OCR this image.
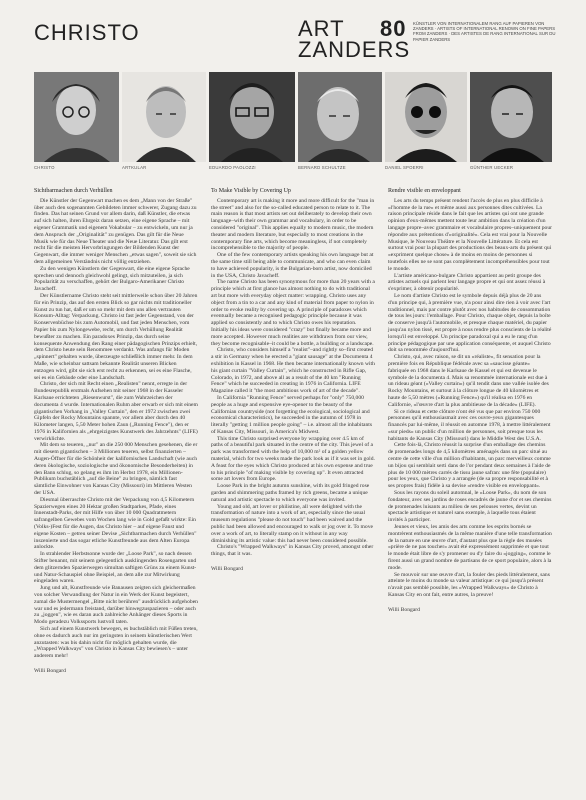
CHRISTO	ART
ZANDERS
80 KÜNSTLER VON INTERNATIONALEM RANG AUF PAPIEREN VON ZANDERS · ARTISTS OF INTERNATIONAL RENOWN ON FINE PAPERS FROM ZANDERS · DES ARTISTES DE RANG INTERNATIONAL SUR DU PAPIER ZANDERS
CHRISTO	ARTKULAR	EDUARDO PAOLOZZI	BERNARD SCHULTZE	DANIEL SPOERRI	GÜNTHER UECKER
Sichtbarmachen durch Verhüllen

Die Künstler der Gegenwart machen es dem „Mann von der Straße" über auch den sogenannten Gebildeten immer schwerer, Zugang dazu zu finden. Das hat seinen Grund vor allem darin, daß Künstler, die etwas auf sich halten, ihren Ehrgeiz daran setzen, eine eigene Sprache – mit eigener Grammatik und eigenem Vokabular – zu entwickeln, um nur ja dem Anspruch der „Originalität" zu genügen. Das gilt für die Neue Musik wie für das Neue Theater und die Neue Literatur. Das gilt erst recht für die meisten Hervorbringungen der Bildenden Kunst der Gegenwart, die immer weniger Menschen „etwas sagen", soweit sie sich dem allgemeinen Verständnis nicht völlig entziehen.

Zu den wenigen Künstlern der Gegenwart, die eine eigene Sprache sprechen und dennoch gleichwohl gelingt, sich mitzuteilen, ja sich Popularität zu verschaffen, gehört der Bulgaro-Amerikaner Christo Javacheff.

Der Künstlername Christo steht seit mittlerweile schon über 20 Jahren für ein Prinzip, das auf den ersten Blick so gar nichts mit traditioneller Kunst zu tun hat, daß er um so mehr mit dem uns allen vertrauten Konsum-Alltag: Verpackung. Christo ist fast jeder Gegenstand, von der Konservenbüchse bis zum Automobil, und fast jeden Menschen, vom Papier bis zum Nylongewebe, recht, um durch Verhüllung Realität bewußter zu machen. Ein paradoxes Prinzip, das durch seine konsequente Anwendung den Rang einer pädagogischen Prinzips erhielt, dem Christo heute sein Renommee verdankt. Was anfangs für Moden „spinnert" gehalten wurde, überzeugte schließlich immer mehr. In dem Maße, wie scheinbar sattsam bekannte Realität unseren Blicken entzogen wird, gibt sie sich erst recht zu erkennen, sei es eine Flasche, sei es ein Gebäude oder eine Landschaft.

Christo, der sich mit Recht einen „Realisten" nennt, erregte in der Bundesrepublik erstmals Aufsehen mit seiner 1968 in der Kasseler Karlsaue errichteten „Riesenwurst", die zum Wahrzeichen der documenta 4 wurde. Internationalen Ruhm aber erwarb er sich mit einem gigantischen Vorhang in „Valley Curtain", den er 1972 zwischen zwei Gipfeln der Rocky Mountains spannte, vor allem aber durch den 40 Kilometer langen, 5,50 Meter hohen Zaun („Running Fence"), den er 1976 in Kalifornien als „ehrgeizigstes Kunstwerk des Jahrzehnts" (LIFE) verwirklichte.

Mit dem so teueren, „nur" an die 250 000 Menschen gesehenen, die er mit diesem gigantischen – 3 Millionen teueren, selbst finanzierten – Augen-Öffner für die Schönheit der kalifornischen Landschaft (wie auch deren ökologische, soziologische und ökonomische Besonderheiten) in den Bann schlug, so gelang es ihm im Herbst 1978, ein Millionen-Publikum buchstäblich „auf die Beine" zu bringen, nämlich fast sämtliche Einwohner von Kansas City (Missouri) im Mittleren Westen der USA.

Diesmal überraschte Christo mit der Verpackung von 4,5 Kilometern Spazierwegen eines 20 Hektar großen Stadtparkes, Pfade, eines Innenstadt-Parks, der mit Hilfe von über 10 000 Quadratmetern safrangelben Gewebes vom Wochen lang wie in Gold gefaßt wirkte: Ein (Volks-)Fest für die Augen, das Christo hier – auf eigene Faust und eigene Kosten – getreu seiner Devise „Sichtbarmachen durch Verhüllen" inszenierte und das sogar etliche Kunstfreunde aus dem Alten Europa anlockte.

In strahlender Herbstsonne wurde der „Loose Park", so nach dessen Stifter benannt, mit seinem gelegentlich ausklingenden Rosengarten und dem glitzernden Spazierwegen simultan saftigen Grüns zu einem Kunst- und Natur-Schauspiel ohne Beispiel, an dem alle zur Mitwirkung eingeladen waren.

Jung und alt, Kunstfreunde wie Banausen zeigten sich gleichermaßen von solcher Verwandlung der Natur in ein Werk der Kunst begeistert, zumal die Mustermengel „Bitte nicht berühren" ausdrücklich aufgehoben war und es jedermann freistand, darüber hinwegzuspazieren – oder auch zu „joggen", wie es daran auch zahlreiche Anhänger dieses Sports in Modo geradezu Volkssports lustvoll taten.

Sich auf einem Kunstwerk bewegen, es buchstäblich mit Füßen treten, ohne es dadurch auch nur im geringsten in seinem künstlerischen Wert anzutasten: was bis dahin nicht für möglich gehalten wurde, die „Wrapped Walkways" von Christo in Kansas City bewiesen's – unter anderem mehr!

Willi Bongard

To Make Visible by Covering Up

Contemporary art is making it more and more difficult for the "man in the street" and also for the so-called educated person to relate to it. The main reason is that most artists set out deliberately to develop their own language–with their own grammar and vocabulary, in order to be considered "original". This applies equally to modern music, the modern theater and modern literature, but especially to most creations in the contemporary fine arts, which become meaningless, if not completely incomprehensible to the majority of people.

One of the few contemporary artists speaking his own language but at the same time still being able to communicate, and who can even claim to have achieved popularity, is the Bulgarian-born artist, now domiciled in the USA, Christo Javacheff.

The name Christo has been synonymous for more than 20 years with a principle which at first glance has almost nothing to do with traditional art but more with everyday object matter: wrapping. Christo uses any object from a tin to a car and any kind of material from paper to nylon in order to evoke reality by covering up. A principle of paradoxes which eventually became a recognised pedagogic principle because it was applied so consistently and to which Christo owes his reputation. Initially his ideas were considered "crazy" but finally became more and more accepted. However much realities are withdrawn from our view, they become recognisable–it could be a bottle, a building or a landscape.

Christo, who considers himself a "realist"–and rightly so–first created a stir in Germany when he erected a "giant sausage" at the Documenta 4 exhibition in Kassel in 1968. He then became internationally known with his giant curtain "Valley Curtain", which he constructed in Rifle Gap, Colorado, in 1972, and above all as a result of the 40 km "Running Fence" which he succeeded in creating in 1976 in California. LIFE Magazine called it "the most ambitious work of art of the decade".

In California "Running Fence" served perhaps for "only" 750,000 people as a huge and expensive eye-opener to the beauty of the Californian countryside (not forgetting the ecological, sociological and economical characteristics), he succeeded in the autumn of 1978 in literally "getting 1 million people going" – i.e. almost all the inhabitants of Kansas City, Missouri, in America's Midwest.

This time Christo surprised everyone by wrapping over 4.5 km of paths of a beautiful park situated in the centre of the city. This jewel of a park was transformed with the help of 10,000 m² of a golden yellow material, which for two weeks made the park look as if it was set in gold. A feast for the eyes which Christo produced at his own expense and true to his principle "of making visible by covering up". It even attracted some art lovers from Europe.

Loose Park in the bright autumn sunshine, with its gold fringed rose garden and shimmering paths framed by rich greens, became a unique natural and artistic spectacle to which everyone was invited.

Young and old, art lover or philistine, all were delighted with the transformation of nature into a work of art, especially since the usual museum regulations "please do not touch" had been waived and the public had been allowed and encouraged to walk or jog over it. To move over a work of art, to literally stamp on it without in any way diminishing its artistic value: this had never been considered possible.

Christo's "Wrapped Walkways" in Kansas City proved, amongst other things, that it was.

Willi Bongard

Rendre visible en enveloppant

Les arts du temps présent rendent l'accès de plus en plus difficile à «l'homme de la rue» et même aussi aux personnes dites cultivées. La raison principale réside dans le fait que les artistes qui ont une grande opinion d'eux-mêmes mettent toute leur ambition dans la création d'un langage propre–avec grammaire et vocabulaire propres–uniquement pour répondre aux prétentions d'«originalité». Cela est vrai pour la Nouvelle Musique, le Nouveau Théâtre et la Nouvelle Littérature. Et cela est surtout vrai pour la plupart des productions des beaux-arts du présent qui «expriment quelque chose» à de moins en moins de personnes si toutefois elles ne se sont pas complètement incompréhensibles pour tout le monde.

L'artiste américano-bulgare Christo appartient au petit groupe des artistes actuels qui parlent leur langage propre et qui ont assez réussi à s'exprimer, à obtenir popularité.

Le nom d'artiste Christo est le symbole depuis déjà plus de 20 ans d'un principe qui, à première vue, n'a pour ainsi dire rien à voir avec l'art traditionnel, mais par contre plutôt avec nos habitudes de consommation de tous les jours: l'emballage. Pour Christo, chaque objet, depuis la boîte de conserve jusqu'à l'automobile, et presque chaque matériel, du papier jusqu'au nylon tissé, est propre à nous rendre plus conscients de la réalité lorsqu'il est enveloppé. Un principe paradoxal qui a eu le rang d'un principe pédagogique par une application conséquente, et auquel Christo doit sa renommée d'aujourd'hui.

Christo, qui, avec raison, se dit un «réaliste», fit sensation pour la première fois en République fédérale avec sa «saucisse géante» fabriquée en 1968 dans le Karlsaue de Kassel et qui est devenue le symbole de la documenta 4. Mais sa renommée internationale est due à un rideau géant («Valley curtain») qu'il tendit dans une vallée isolée des Rocky Mountains, et surtout à la clôture longue de 40 kilomètres et haute de 5,50 mètres («Running Fence») qu'il réalisa en 1976 en Californie, «l'œuvre d'art la plus ambitieuse de la décade» (LIFE).

Si ce rideau et cette clôture n'ont été vus que par environ 750 000 personnes qu'il enthousiasmait avec ces ouvre-yeux gigantesques financés par lui-même, il réussit en automne 1978, à mettre littéralement «sur pieds» un public d'un million de personnes, soit presque tous les habitants de Kansas City (Missouri) dans le Middle West des U.S.A.

Cette fois-là, Christo réussit la surprise d'un emballage des chemins de promenades longs de 4,5 kilomètres aménagés dans un parc situé au centre de cette ville d'un million d'habitants, un parc merveilleux comme un bijou qui semblait serti dans de l'or pendant deux semaines à l'aide de plus de 10 000 mètres carrés de tissu jaune safran: une fête (populaire) pour les yeux, que Christo y a arrangée (de sa propre responsabilité et à ses propres frais) fidèle à sa devise «rendre visible en enveloppant».

Sous les rayons du soleil automnal, le «Loose Park», du nom de son fondateur, avec ses jardins de roses encadrés de jaune d'or et ses chemins de promenades luisants au milieu de ses pelouses vertes, devint un spectacle artistique et naturel sans exemple, à laquelle tous étaient invités à participer.

Jeunes et vieux, les amis des arts comme les esprits bornés se montrèrent enthousiasmés de la même manière d'une telle transformation de la nature en une œuvre d'art, d'autant plus que la règle des musées «prière de ne pas toucher» avait été expressément supprimée et que tout le monde était libre de s'y promener ou d'y faire du «jogging», comme le firent aussi un grand nombre de partisans de ce sport populaire, alors à la mode.

Se mouvoir sur une œuvre d'art, la fouler des pieds littéralement, sans atteinte le moins du monde sa valeur artistique: ce qui jusqu'à présent n'avait pas semblé possible, les «Wrapped Walkways» de Christo à Kansas City en ont fait, entre autres, la preuve!

Willi Bongard
